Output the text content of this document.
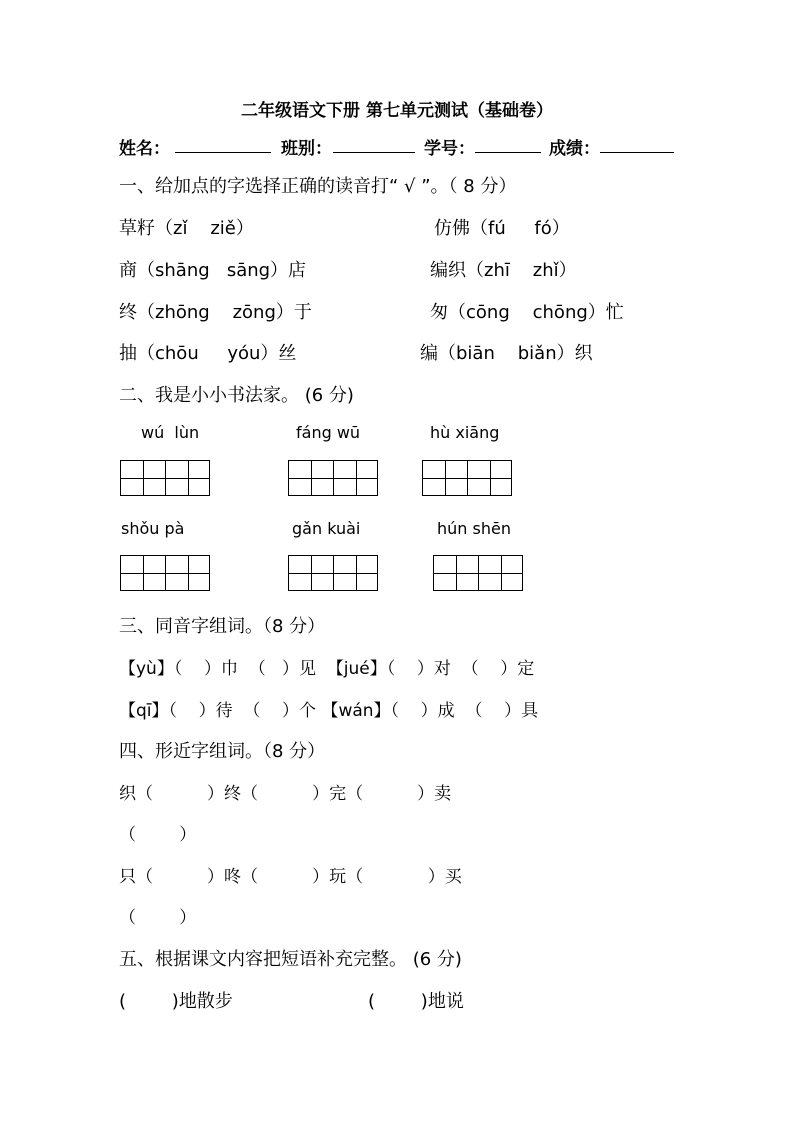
二年级语文下册 第七单元测试（基础卷）
姓名：	班别：	学号：	成绩：
一、给加点的字选择正确的读音打“ √ ”。（ 8 分）
草籽（zǐ    ziě）	仿佛（fú     fó）
商（shāng   sāng）店	编织（zhī    zhǐ）
终（zhōng    zōng）于	匆（cōng    chōng）忙
抽（chōu     yóu）丝	编（biān    biǎn）织
二、我是小小书法家。 (6 分)
wú  lùn	fáng wū	hù xiāng
shǒu pà	gǎn kuài	hún shēn
三、同音字组词。（8 分）
【yù】（    ）巾  （   ）见  【jué】（    ）对  （    ）定
【qī】（    ）待  （    ）个 【wán】（    ）成  （    ）具
四、形近字组词。（8 分）
织（          ）终（          ）完（          ）卖
（        ）
只（          ）咚（          ）玩（            ）买
（        ）
五、根据课文内容把短语补充完整。 (6 分)
(        )地散步	(        )地说
